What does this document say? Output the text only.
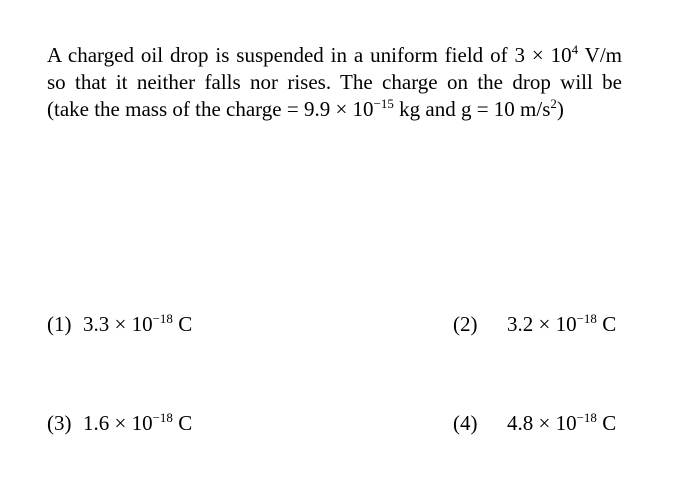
A charged oil drop is suspended in a uniform field of $3 \times 10^4$ V/m
so that it neither falls nor rises. The charge on the drop will be
(take the mass of the charge = $9.9 \times 10^{-15}$ kg and g = 10 $m/s^2$)
(1) $3.3 \times 10^{-18}$ C	(2) $3.2 \times 10^{-18}$ C
(3) $1.6 \times 10^{-18}$ C	(4) $4.8 \times 10^{-18}$ C
